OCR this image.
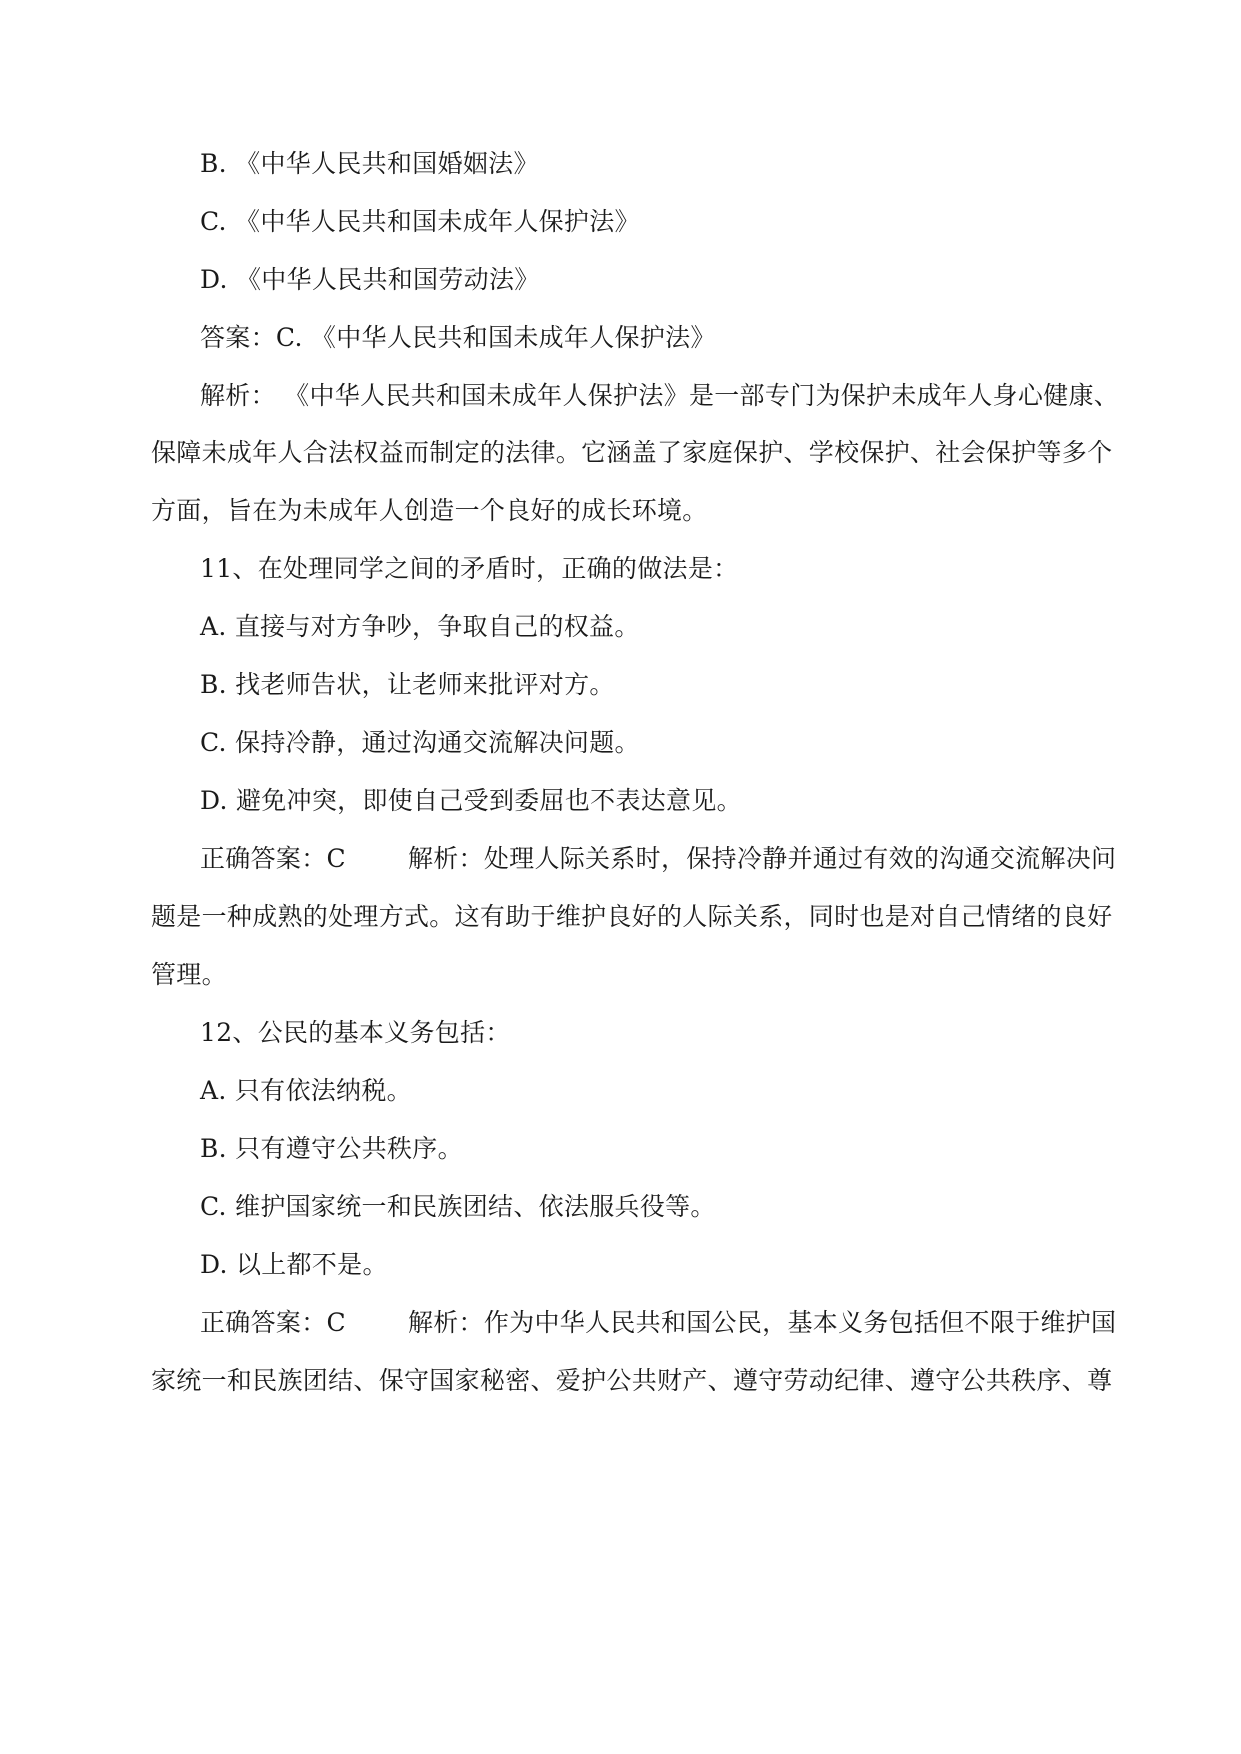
B. 《中华人民共和国婚姻法》
C. 《中华人民共和国未成年人保护法》
D. 《中华人民共和国劳动法》
答案：C. 《中华人民共和国未成年人保护法》
解析： 《中华人民共和国未成年人保护法》是一部专门为保护未成年人身心健康、
保障未成年人合法权益而制定的法律。它涵盖了家庭保护、学校保护、社会保护等多个
方面，旨在为未成年人创造一个良好的成长环境。
11、在处理同学之间的矛盾时，正确的做法是：
A. 直接与对方争吵，争取自己的权益。
B. 找老师告状，让老师来批评对方。
C. 保持冷静，通过沟通交流解决问题。
D. 避免冲突，即使自己受到委屈也不表达意见。
正确答案：C 解析：处理人际关系时，保持冷静并通过有效的沟通交流解决问
题是一种成熟的处理方式。这有助于维护良好的人际关系，同时也是对自己情绪的良好
管理。
12、公民的基本义务包括：
A. 只有依法纳税。
B. 只有遵守公共秩序。
C. 维护国家统一和民族团结、依法服兵役等。
D. 以上都不是。
正确答案：C 解析：作为中华人民共和国公民，基本义务包括但不限于维护国
家统一和民族团结、保守国家秘密、爱护公共财产、遵守劳动纪律、遵守公共秩序、尊
